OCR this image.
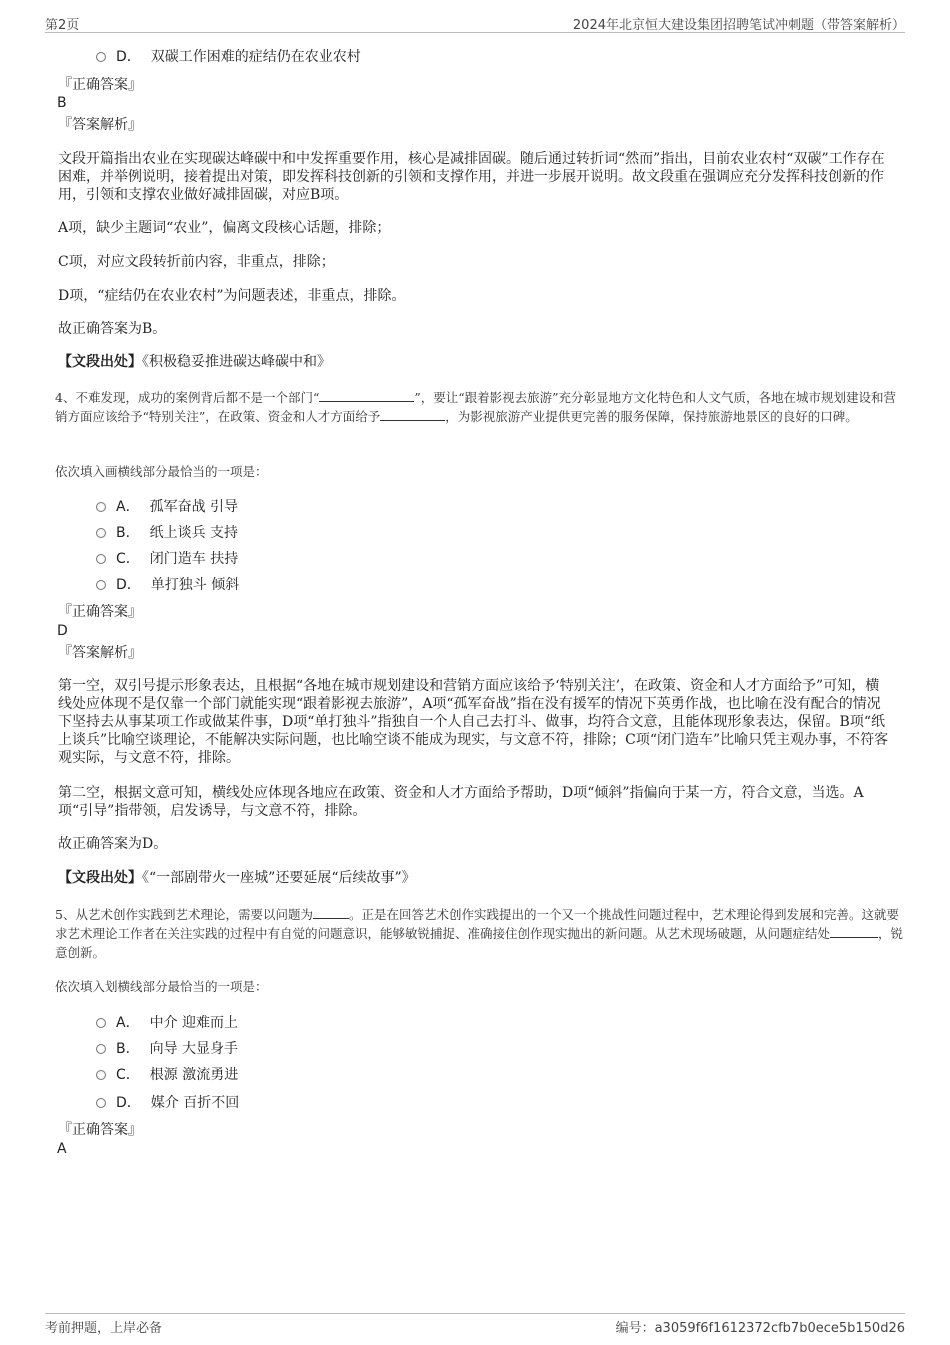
第2页	2024年北京恒大建设集团招聘笔试冲刺题（带答案解析）
D． 双碳工作困难的症结仍在农业农村
『正确答案』
B
『答案解析』
文段开篇指出农业在实现碳达峰碳中和中发挥重要作用，核心是减排固碳。随后通过转折词“然而”指出，目前农业农村“双碳”工作存在困难，并举例说明，接着提出对策，即发挥科技创新的引领和支撑作用，并进一步展开说明。故文段重在强调应充分发挥科技创新的作用，引领和支撑农业做好减排固碳，对应B项。
A项，缺少主题词“农业”，偏离文段核心话题，排除；
C项，对应文段转折前内容，非重点，排除；
D项，“症结仍在农业农村”为问题表述，非重点，排除。
故正确答案为B。
【文段出处】《积极稳妥推进碳达峰碳中和》
4、不难发现，成功的案例背后都不是一个部门“	”，要让“跟着影视去旅游”充分彰显地方文化特色和人文气质，各地在城市规划建设和营销方面应该给予“特别关注”，在政策、资金和人才方面给予	，为影视旅游产业提供更完善的服务保障，保持旅游地景区的良好的口碑。
依次填入画横线部分最恰当的一项是：
A． 孤军奋战 引导
B． 纸上谈兵 支持
C． 闭门造车 扶持
D． 单打独斗 倾斜
『正确答案』
D
『答案解析』
第一空，双引号提示形象表达，且根据“各地在城市规划建设和营销方面应该给予‘特别关注’，在政策、资金和人才方面给予”可知，横线处应体现不是仅靠一个部门就能实现“跟着影视去旅游”，A项“孤军奋战”指在没有援军的情况下英勇作战，也比喻在没有配合的情况下坚持去从事某项工作或做某件事，D项“单打独斗”指独自一个人自己去打斗、做事，均符合文意，且能体现形象表达，保留。B项“纸上谈兵”比喻空谈理论，不能解决实际问题，也比喻空谈不能成为现实，与文意不符，排除；C项“闭门造车”比喻只凭主观办事，不符客观实际，与文意不符，排除。
第二空，根据文意可知，横线处应体现各地应在政策、资金和人才方面给予帮助，D项“倾斜”指偏向于某一方，符合文意，当选。A项“引导”指带领，启发诱导，与文意不符，排除。
故正确答案为D。
【文段出处】《“一部剧带火一座城”还要延展“后续故事”》
5、从艺术创作实践到艺术理论，需要以问题为	。正是在回答艺术创作实践提出的一个又一个挑战性问题过程中，艺术理论得到发展和完善。这就要求艺术理论工作者在关注实践的过程中有自觉的问题意识，能够敏锐捕捉、准确接住创作现实抛出的新问题。从艺术现场破题，从问题症结处	，锐意创新。
依次填入划横线部分最恰当的一项是：
A． 中介 迎难而上
B． 向导 大显身手
C． 根源 激流勇进
D． 媒介 百折不回
『正确答案』
A
考前押题，上岸必备	编号：a3059f6f1612372cfb7b0ece5b150d26
